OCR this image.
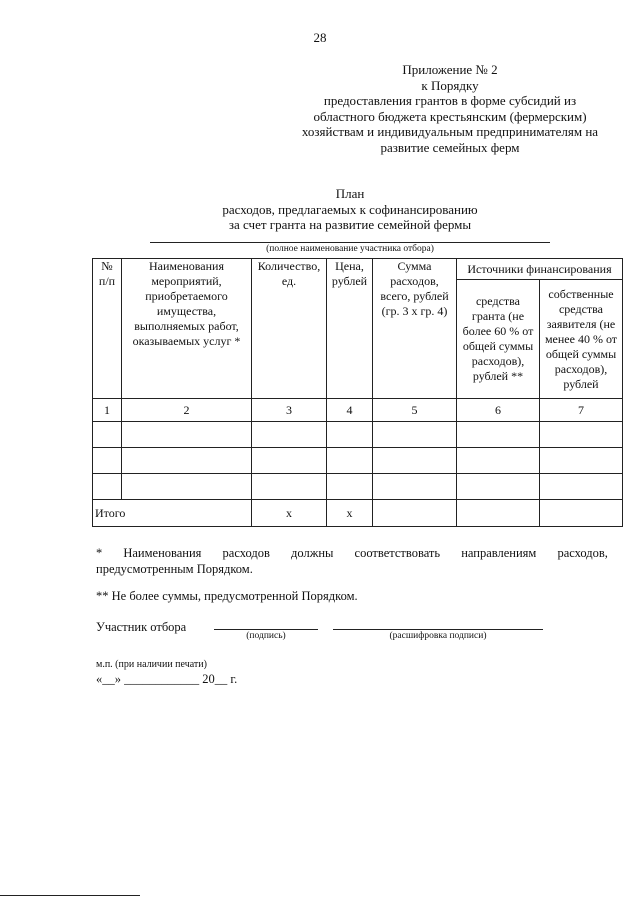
28
Приложение № 2
к Порядку
предоставления грантов в форме субсидий из
областного бюджета крестьянским (фермерским)
хозяйствам и индивидуальным предпринимателям на
развитие семейных ферм
План
расходов, предлагаемых к софинансированию
за счет гранта на развитие семейной фермы
(полное наименование участника отбора)
№ п/п	Наименования мероприятий, приобретаемого имущества, выполняемых работ, оказываемых услуг *	Количество, ед.	Цена, рублей	Сумма расходов, всего, рублей (гр. 3 x гр. 4)	Источники финансирования	
					средства гранта (не более 60 % от общей суммы расходов), рублей **	собственные средства заявителя (не менее 40 % от общей суммы расходов), рублей
1	2	3	4	5	6	7

Итого		x	x			
* Наименования расходов должны соответствовать направлениям расходов,
предусмотренным Порядком.
** Не более суммы, предусмотренной Порядком.
Участник отбора
(подпись)	(расшифровка подписи)
м.п. (при наличии печати)
«__» ____________ 20__ г.
